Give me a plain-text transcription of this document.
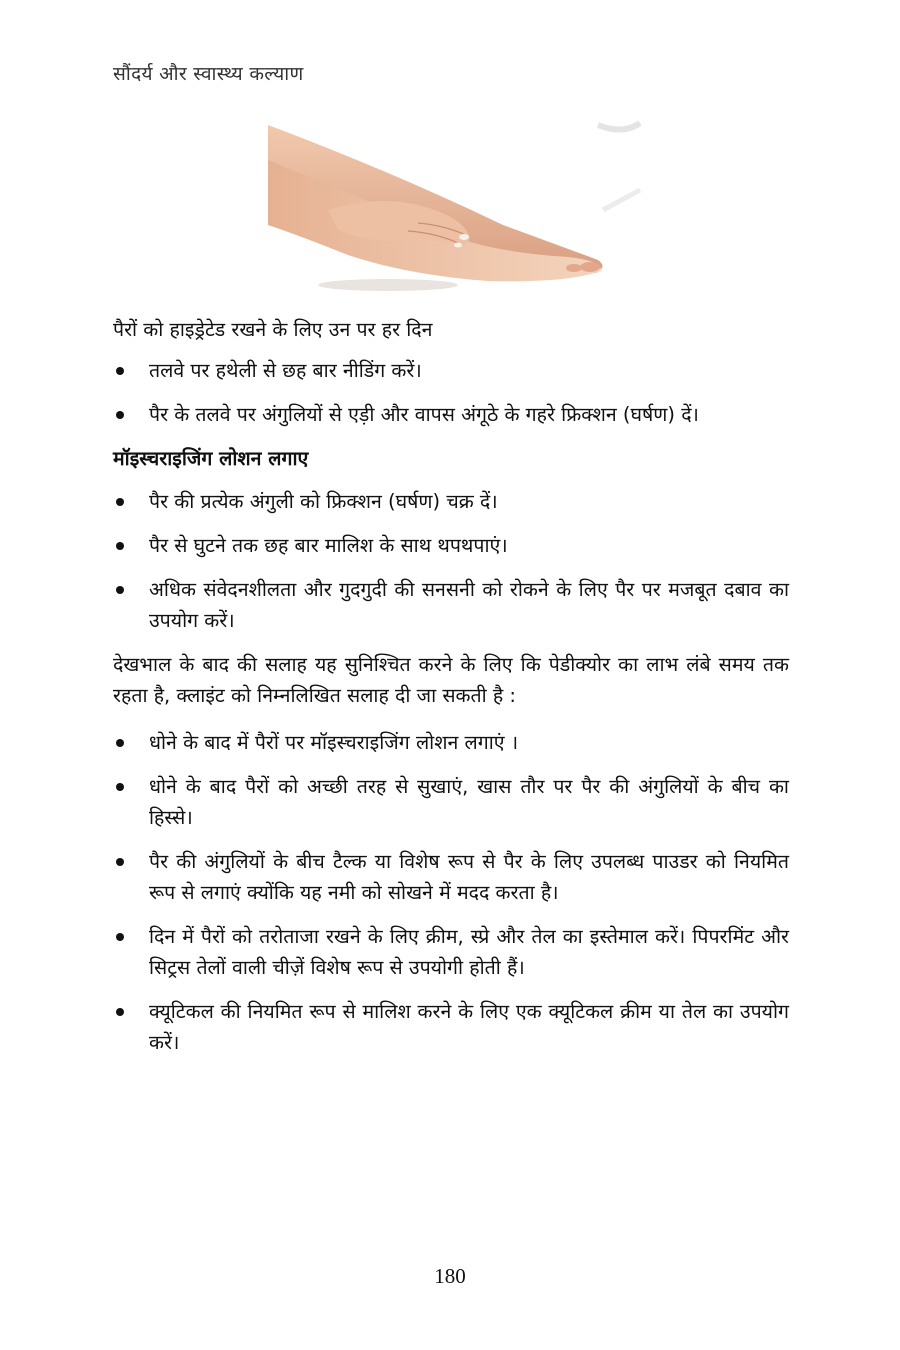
सौंदर्य और स्वास्थ्य कल्याण

पैरों को हाइड्रेटेड रखने के लिए उन पर हर दिन

तलवे पर हथेली से छह बार नीडिंग करें।
पैर के तलवे पर अंगुलियों से एड़ी और वापस अंगूठे के गहरे फ्रिक्शन (घर्षण) दें।

मॉइस्चराइजिंग लोशन लगाए

पैर की प्रत्येक अंगुली को फ्रिक्शन (घर्षण) चक्र दें।
पैर से घुटने तक छह बार मालिश के साथ थपथपाएं।
अधिक संवेदनशीलता और गुदगुदी की सनसनी को रोकने के लिए पैर पर मजबूत दबाव का उपयोग करें।

देखभाल के बाद की सलाह यह सुनिश्चित करने के लिए कि पेडीक्योर का लाभ लंबे समय तक रहता है, क्लाइंट को निम्नलिखित सलाह दी जा सकती है :

धोने के बाद में पैरों पर मॉइस्चराइजिंग लोशन लगाएं ।
धोने के बाद पैरों को अच्छी तरह से सुखाएं, खास तौर पर पैर की अंगुलियों के बीच का हिस्से।
पैर की अंगुलियों के बीच टैल्क या विशेष रूप से पैर के लिए उपलब्ध पाउडर को नियमित रूप से लगाएं क्योंकि यह नमी को सोखने में मदद करता है।
दिन में पैरों को तरोताजा रखने के लिए क्रीम, स्प्रे और तेल का इस्तेमाल करें। पिपरमिंट और सिट्रस तेलों वाली चीज़ें विशेष रूप से उपयोगी होती हैं।
क्यूटिकल की नियमित रूप से मालिश करने के लिए एक क्यूटिकल क्रीम या तेल का उपयोग करें।
180
